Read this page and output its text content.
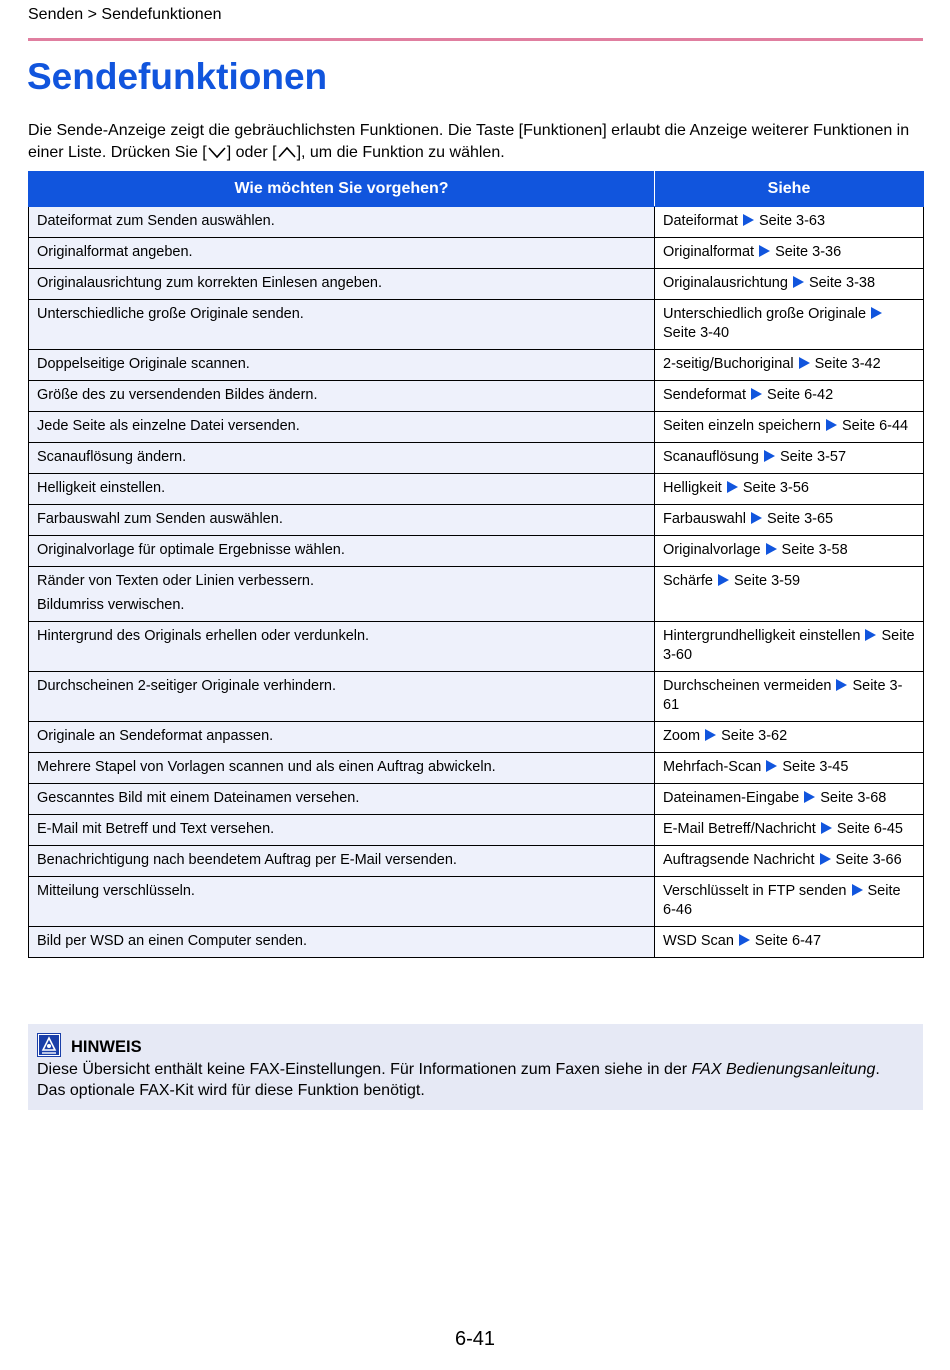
Senden > Sendefunktionen
Sendefunktionen

Die Sende-Anzeige zeigt die gebräuchlichsten Funktionen. Die Taste [Funktionen] erlaubt die Anzeige weiterer Funktionen in einer Liste. Drücken Sie [ ] oder [ ], um die Funktion zu wählen.

Wie möchten Sie vorgehen?	Siehe
Dateiformat zum Senden auswählen.	Dateiformat Seite 3-63
Originalformat angeben.	Originalformat Seite 3-36
Originalausrichtung zum korrekten Einlesen angeben.	Originalausrichtung Seite 3-38
Unterschiedliche große Originale senden.	Unterschiedlich große OriginaleSeite 3-40
Doppelseitige Originale scannen.	2-seitig/Buchoriginal Seite 3-42
Größe des zu versendenden Bildes ändern.	Sendeformat Seite 6-42
Jede Seite als einzelne Datei versenden.	Seiten einzeln speichern Seite 6-44
Scanauflösung ändern.	Scanauflösung Seite 3-57
Helligkeit einstellen.	Helligkeit Seite 3-56
Farbauswahl zum Senden auswählen.	Farbauswahl Seite 3-65
Originalvorlage für optimale Ergebnisse wählen.	Originalvorlage Seite 3-58
Ränder von Texten oder Linien verbessern.
Bildumriss verwischen.	Schärfe Seite 3-59
Hintergrund des Originals erhellen oder verdunkeln.	Hintergrundhelligkeit einstellen Seite 3-60
Durchscheinen 2-seitiger Originale verhindern.	Durchscheinen vermeiden Seite 3-61
Originale an Sendeformat anpassen.	Zoom Seite 3-62
Mehrere Stapel von Vorlagen scannen und als einen Auftrag abwickeln.	Mehrfach-Scan Seite 3-45
Gescanntes Bild mit einem Dateinamen versehen.	Dateinamen-Eingabe Seite 3-68
E-Mail mit Betreff und Text versehen.	E-Mail Betreff/Nachricht Seite 6-45
Benachrichtigung nach beendetem Auftrag per E-Mail versenden.	Auftragsende Nachricht Seite 3-66
Mitteilung verschlüsseln.	Verschlüsselt in FTP senden Seite 6-46
Bild per WSD an einen Computer senden.	WSD Scan Seite 6-47
HINWEIS
Diese Übersicht enthält keine FAX-Einstellungen. Für Informationen zum Faxen siehe in der FAX Bedienungsanleitung. Das optionale FAX-Kit wird für diese Funktion benötigt.
6-41
